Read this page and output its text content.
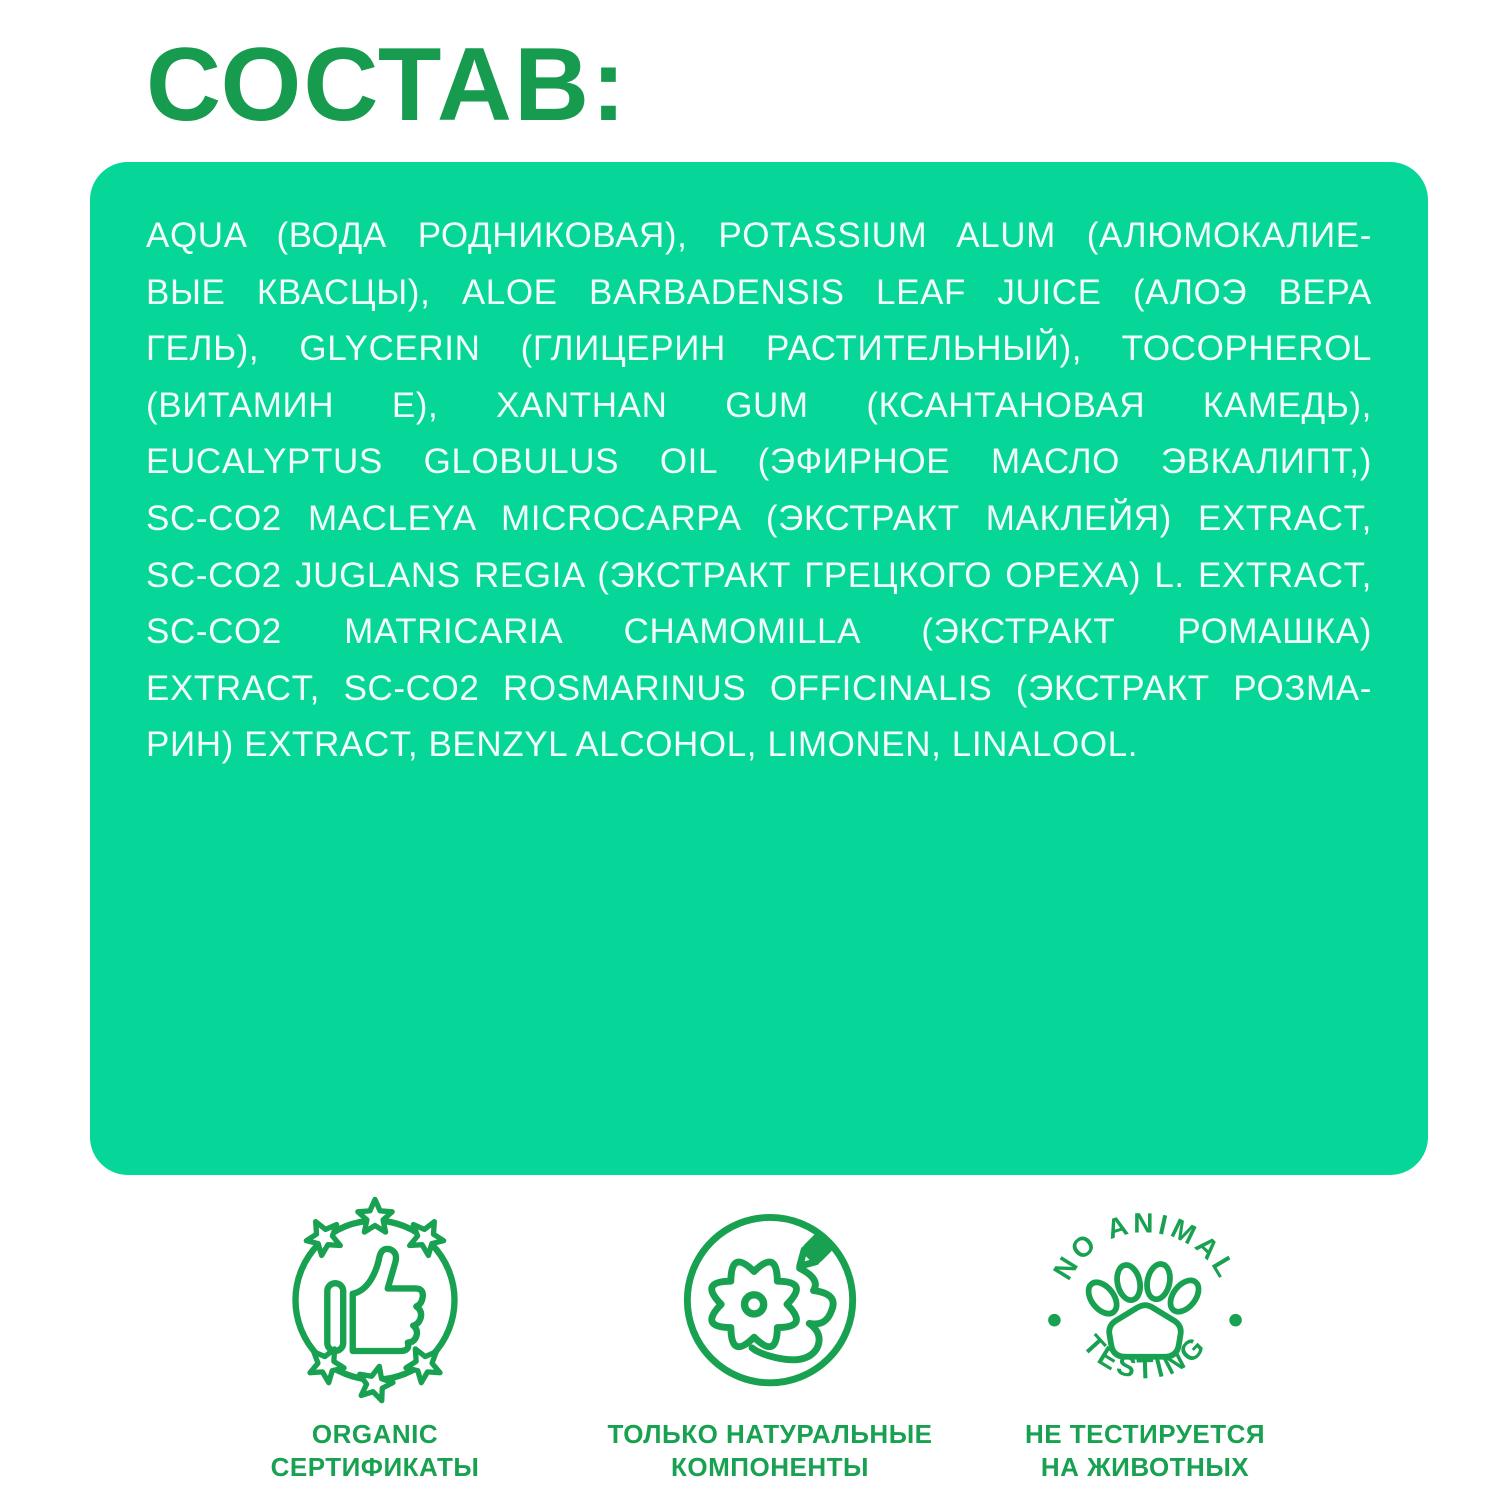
СОСТАВ:
AQUA (ВОДА РОДНИКОВАЯ), POTASSIUM ALUM (АЛЮМОКАЛИЕ-
ВЫЕ КВАСЦЫ), ALOE BARBADENSIS LEAF JUICE (АЛОЭ ВЕРА
ГЕЛЬ), GLYCERIN (ГЛИЦЕРИН РАСТИТЕЛЬНЫЙ), TOCOPHEROL
(ВИТАМИН Е), XANTHAN GUM (КСАНТАНОВАЯ КАМЕДЬ),
EUCALYPTUS GLOBULUS OIL (ЭФИРНОЕ МАСЛО ЭВКАЛИПТ,)
SC-CO2 MACLEYA MICROCARPA (ЭКСТРАКТ МАКЛЕЙЯ) EXTRACT,
SC-CO2 JUGLANS REGIA (ЭКСТРАКТ ГРЕЦКОГО ОРЕХА) L. EXTRACT,
SC-CO2 MATRICARIA CHAMOMILLA (ЭКСТРАКТ РОМАШКА)
EXTRACT, SC-CO2 ROSMARINUS OFFICINALIS (ЭКСТРАКТ РОЗМА-
РИН) EXTRACT, BENZYL ALCOHOL, LIMONEN, LINALOOL.
ORGANIC
СЕРТИФИКАТЫ
ТОЛЬКО НАТУРАЛЬНЫЕ
КОМПОНЕНТЫ
NO ANIMAL
TESTING
НЕ ТЕСТИРУЕТСЯ
НА ЖИВОТНЫХ
